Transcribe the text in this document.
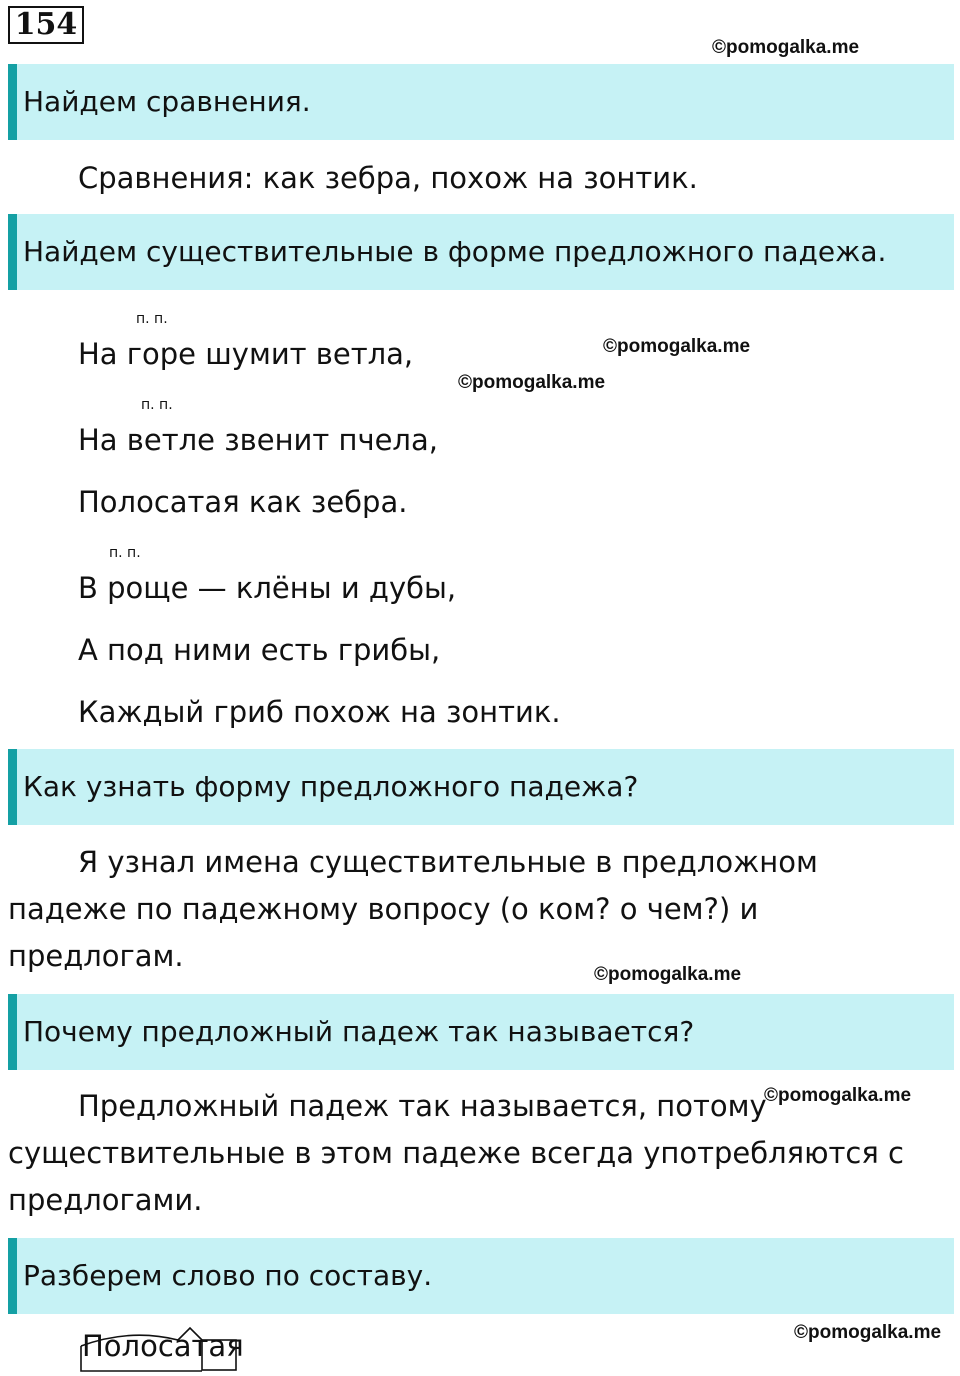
154
©pomogalka.me
Найдем сравнения.
Сравнения: как зебра, похож на зонтик.
Найдем существительные в форме предложного падежа.
п. п.
На горе шумит ветла,	©pomogalka.me
©pomogalka.me
п. п.
На ветле звенит пчела,
Полосатая как зебра.
п. п.
В роще — клёны и дубы,
А под ними есть грибы,
Каждый гриб похож на зонтик.
Как узнать форму предложного падежа?
Я узнал имена существительные в предложном
падеже по падежному вопросу (о ком? о чем?) и
предлогам.
©pomogalka.me
Почему предложный падеж так называется?
Предложный падеж так называется, потому
существительные в этом падеже всегда употребляются с
предлогами.
©pomogalka.me
Разберем слово по составу.
©pomogalka.me
Полосатая
